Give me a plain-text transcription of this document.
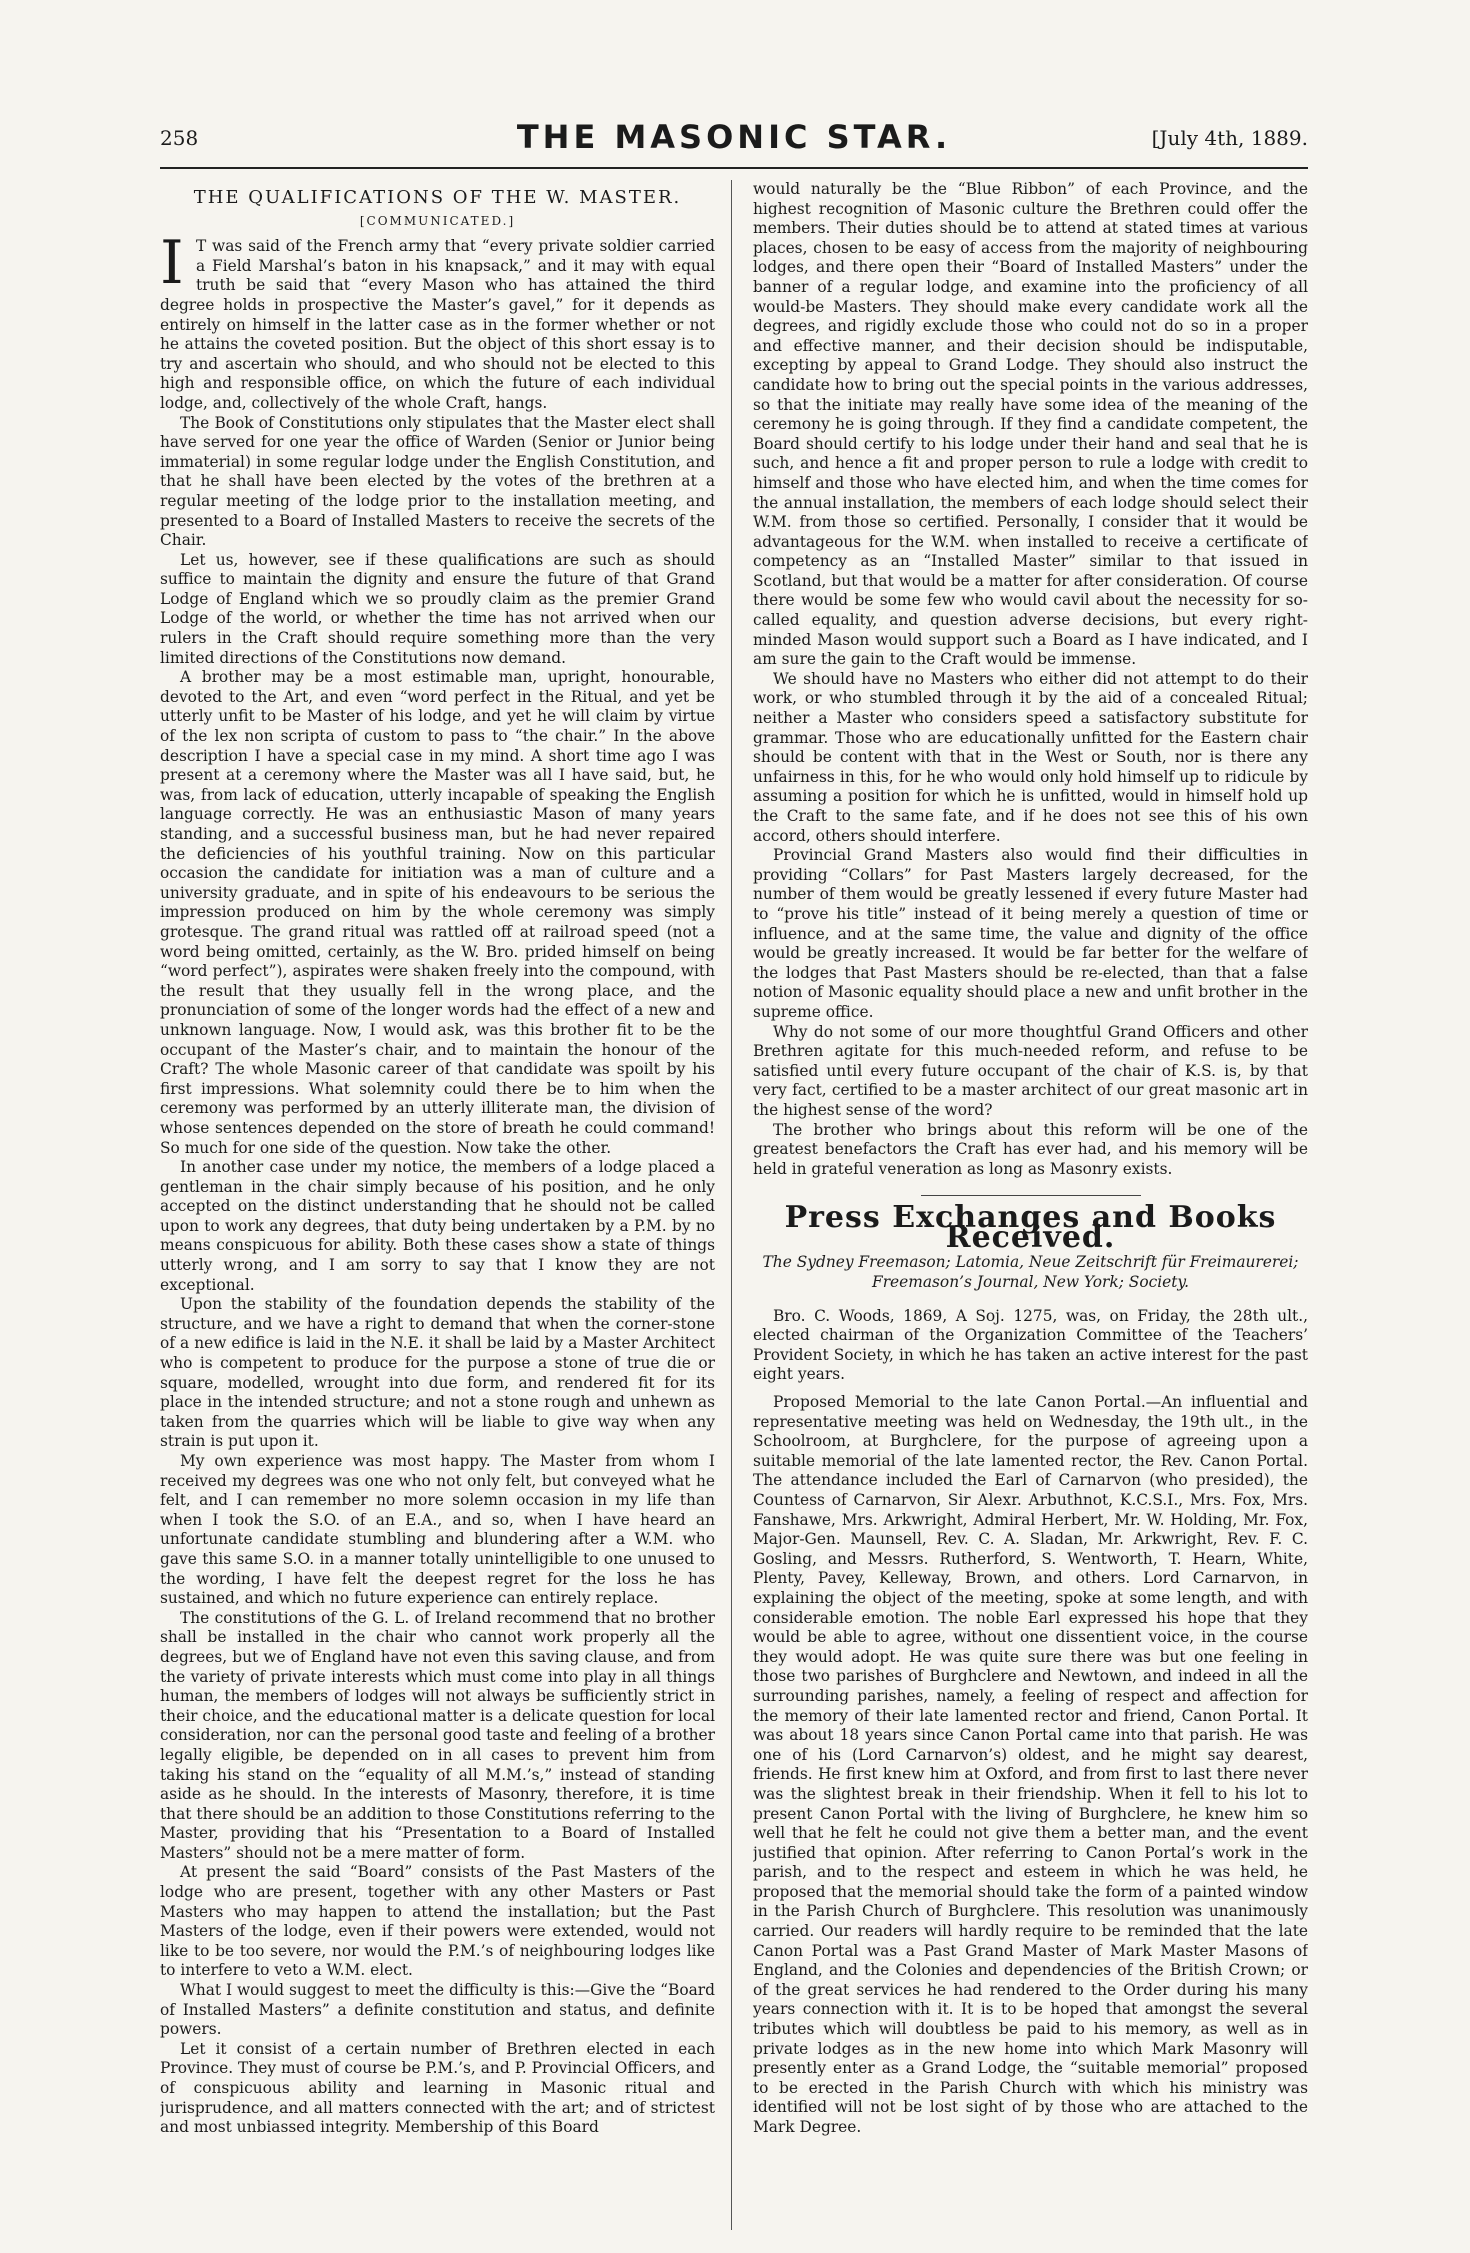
258	THE MASONIC STAR.	[July 4th, 1889.
THE QUALIFICATIONS OF THE W. MASTER.
[COMMUNICATED.]
I T was said of the French army that “every private soldier carried a Field Marshal’s baton in his knapsack,” and it may with equal truth be said that “every Mason who has attained the third degree holds in prospective the Master’s gavel,” for it depends as entirely on himself in the latter case as in the former whether or not he attains the coveted position. But the object of this short essay is to try and ascertain who should, and who should not be elected to this high and responsible office, on which the future of each individual lodge, and, collectively of the whole Craft, hangs.

The Book of Constitutions only stipulates that the Master elect shall have served for one year the office of Warden (Senior or Junior being immaterial) in some regular lodge under the English Constitution, and that he shall have been elected by the votes of the brethren at a regular meeting of the lodge prior to the installation meeting, and presented to a Board of Installed Masters to receive the secrets of the Chair.

Let us, however, see if these qualifications are such as should suffice to maintain the dignity and ensure the future of that Grand Lodge of England which we so proudly claim as the premier Grand Lodge of the world, or whether the time has not arrived when our rulers in the Craft should require something more than the very limited directions of the Constitutions now demand.

A brother may be a most estimable man, upright, honourable, devoted to the Art, and even “word perfect in the Ritual, and yet be utterly unfit to be Master of his lodge, and yet he will claim by virtue of the lex non scripta of custom to pass to “the chair.” In the above description I have a special case in my mind. A short time ago I was present at a ceremony where the Master was all I have said, but, he was, from lack of education, utterly incapable of speaking the English language correctly. He was an enthusiastic Mason of many years standing, and a successful business man, but he had never repaired the deficiencies of his youthful training. Now on this particular occasion the candidate for initiation was a man of culture and a university graduate, and in spite of his endeavours to be serious the impression produced on him by the whole ceremony was simply grotesque. The grand ritual was rattled off at railroad speed (not a word being omitted, certainly, as the W. Bro. prided himself on being “word perfect”), aspirates were shaken freely into the compound, with the result that they usually fell in the wrong place, and the pronunciation of some of the longer words had the effect of a new and unknown language. Now, I would ask, was this brother fit to be the occupant of the Master’s chair, and to maintain the honour of the Craft? The whole Masonic career of that candidate was spoilt by his first impressions. What solemnity could there be to him when the ceremony was performed by an utterly illiterate man, the division of whose sentences depended on the store of breath he could command! So much for one side of the question. Now take the other.

In another case under my notice, the members of a lodge placed a gentleman in the chair simply because of his position, and he only accepted on the distinct understanding that he should not be called upon to work any degrees, that duty being undertaken by a P.M. by no means conspicuous for ability. Both these cases show a state of things utterly wrong, and I am sorry to say that I know they are not exceptional.

Upon the stability of the foundation depends the stability of the structure, and we have a right to demand that when the corner-stone of a new edifice is laid in the N.E. it shall be laid by a Master Architect who is competent to produce for the purpose a stone of true die or square, modelled, wrought into due form, and rendered fit for its place in the intended structure; and not a stone rough and unhewn as taken from the quarries which will be liable to give way when any strain is put upon it.

My own experience was most happy. The Master from whom I received my degrees was one who not only felt, but conveyed what he felt, and I can remember no more solemn occasion in my life than when I took the S.O. of an E.A., and so, when I have heard an unfortunate candidate stumbling and blundering after a W.M. who gave this same S.O. in a manner totally unintelligible to one unused to the wording, I have felt the deepest regret for the loss he has sustained, and which no future experience can entirely replace.

The constitutions of the G. L. of Ireland recommend that no brother shall be installed in the chair who cannot work properly all the degrees, but we of England have not even this saving clause, and from the variety of private interests which must come into play in all things human, the members of lodges will not always be sufficiently strict in their choice, and the educational matter is a delicate question for local consideration, nor can the personal good taste and feeling of a brother legally eligible, be depended on in all cases to prevent him from taking his stand on the “equality of all M.M.’s,” instead of standing aside as he should. In the interests of Masonry, therefore, it is time that there should be an addition to those Constitutions referring to the Master, providing that his “Presentation to a Board of Installed Masters” should not be a mere matter of form.

At present the said “Board” consists of the Past Masters of the lodge who are present, together with any other Masters or Past Masters who may happen to attend the installation; but the Past Masters of the lodge, even if their powers were extended, would not like to be too severe, nor would the P.M.’s of neighbouring lodges like to interfere to veto a W.M. elect.

What I would suggest to meet the difficulty is this:—Give the “Board of Installed Masters” a definite constitution and status, and definite powers.

Let it consist of a certain number of Brethren elected in each Province. They must of course be P.M.’s, and P. Provincial Officers, and of conspicuous ability and learning in Masonic ritual and jurisprudence, and all matters connected with the art; and of strictest and most unbiassed integrity. Membership of this Board

would naturally be the “Blue Ribbon” of each Province, and the highest recognition of Masonic culture the Brethren could offer the members. Their duties should be to attend at stated times at various places, chosen to be easy of access from the majority of neighbouring lodges, and there open their “Board of Installed Masters” under the banner of a regular lodge, and examine into the proficiency of all would-be Masters. They should make every candidate work all the degrees, and rigidly exclude those who could not do so in a proper and effective manner, and their decision should be indisputable, excepting by appeal to Grand Lodge. They should also instruct the candidate how to bring out the special points in the various addresses, so that the initiate may really have some idea of the meaning of the ceremony he is going through. If they find a candidate competent, the Board should certify to his lodge under their hand and seal that he is such, and hence a fit and proper person to rule a lodge with credit to himself and those who have elected him, and when the time comes for the annual installation, the members of each lodge should select their W.M. from those so certified. Personally, I consider that it would be advantageous for the W.M. when installed to receive a certificate of competency as an “Installed Master” similar to that issued in Scotland, but that would be a matter for after consideration. Of course there would be some few who would cavil about the necessity for so-called equality, and question adverse decisions, but every right-minded Mason would support such a Board as I have indicated, and I am sure the gain to the Craft would be immense.

We should have no Masters who either did not attempt to do their work, or who stumbled through it by the aid of a concealed Ritual; neither a Master who considers speed a satisfactory substitute for grammar. Those who are educationally unfitted for the Eastern chair should be content with that in the West or South, nor is there any unfairness in this, for he who would only hold himself up to ridicule by assuming a position for which he is unfitted, would in himself hold up the Craft to the same fate, and if he does not see this of his own accord, others should interfere.

Provincial Grand Masters also would find their difficulties in providing “Collars” for Past Masters largely decreased, for the number of them would be greatly lessened if every future Master had to “prove his title” instead of it being merely a question of time or influence, and at the same time, the value and dignity of the office would be greatly increased. It would be far better for the welfare of the lodges that Past Masters should be re-elected, than that a false notion of Masonic equality should place a new and unfit brother in the supreme office.

Why do not some of our more thoughtful Grand Officers and other Brethren agitate for this much-needed reform, and refuse to be satisfied until every future occupant of the chair of K.S. is, by that very fact, certified to be a master architect of our great masonic art in the highest sense of the word?

The brother who brings about this reform will be one of the greatest benefactors the Craft has ever had, and his memory will be held in grateful veneration as long as Masonry exists.

Press Exchanges and Books Received.

The Sydney Freemason; Latomia, Neue Zeitschrift für Freimaurerei; Freemason’s Journal, New York; Society.

Bro. C. Woods, 1869, A Soj. 1275, was, on Friday, the 28th ult., elected chairman of the Organization Committee of the Teachers’ Provident Society, in which he has taken an active interest for the past eight years.

Proposed Memorial to the late Canon Portal.—An influential and representative meeting was held on Wednesday, the 19th ult., in the Schoolroom, at Burghclere, for the purpose of agreeing upon a suitable memorial of the late lamented rector, the Rev. Canon Portal. The attendance included the Earl of Carnarvon (who presided), the Countess of Carnarvon, Sir Alexr. Arbuthnot, K.C.S.I., Mrs. Fox, Mrs. Fanshawe, Mrs. Arkwright, Admiral Herbert, Mr. W. Holding, Mr. Fox, Major-Gen. Maunsell, Rev. C. A. Sladan, Mr. Arkwright, Rev. F. C. Gosling, and Messrs. Rutherford, S. Wentworth, T. Hearn, White, Plenty, Pavey, Kelleway, Brown, and others. Lord Carnarvon, in explaining the object of the meeting, spoke at some length, and with considerable emotion. The noble Earl expressed his hope that they would be able to agree, without one dissentient voice, in the course they would adopt. He was quite sure there was but one feeling in those two parishes of Burghclere and Newtown, and indeed in all the surrounding parishes, namely, a feeling of respect and affection for the memory of their late lamented rector and friend, Canon Portal. It was about 18 years since Canon Portal came into that parish. He was one of his (Lord Carnarvon’s) oldest, and he might say dearest, friends. He first knew him at Oxford, and from first to last there never was the slightest break in their friendship. When it fell to his lot to present Canon Portal with the living of Burghclere, he knew him so well that he felt he could not give them a better man, and the event justified that opinion. After referring to Canon Portal’s work in the parish, and to the respect and esteem in which he was held, he proposed that the memorial should take the form of a painted window in the Parish Church of Burghclere. This resolution was unanimously carried. Our readers will hardly require to be reminded that the late Canon Portal was a Past Grand Master of Mark Master Masons of England, and the Colonies and dependencies of the British Crown; or of the great services he had rendered to the Order during his many years connection with it. It is to be hoped that amongst the several tributes which will doubtless be paid to his memory, as well as in private lodges as in the new home into which Mark Masonry will presently enter as a Grand Lodge, the “suitable memorial” proposed to be erected in the Parish Church with which his ministry was identified will not be lost sight of by those who are attached to the Mark Degree.
